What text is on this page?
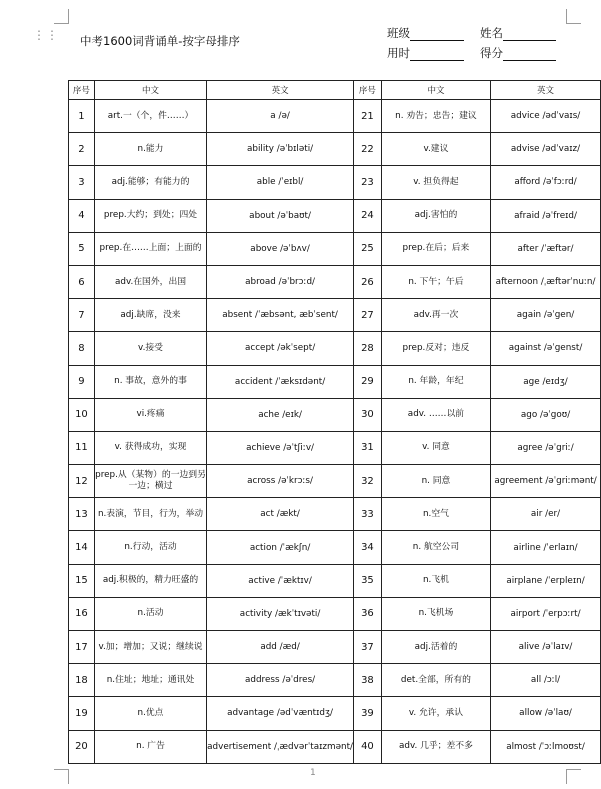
⋮⋮ 中考1600词背诵单-按字母排序
班级	姓名
用时	得分
序号	中文	英文	序号	中文	英文
1	art.一（个，件……）	a /ə/	21	n. 劝告；忠告；建议	advice /ədˈvaɪs/
2	n.能力	ability /əˈbɪləti/	22	v.建议	advise /ədˈvaɪz/
3	adj.能够；有能力的	able /ˈeɪbl/	23	v. 担负得起	afford /əˈfɔːrd/
4	prep.大约；到处；四处	about /əˈbaʊt/	24	adj.害怕的	afraid /əˈfreɪd/
5	prep.在……上面；上面的	above /əˈbʌv/	25	prep.在后；后来	after /ˈæftər/
6	adv.在国外，出国	abroad /əˈbrɔːd/	26	n. 下午；午后	afternoon /ˌæftərˈnuːn/
7	adj.缺席，没来	absent /ˈæbsənt, æbˈsent/	27	adv.再一次	again /əˈgen/
8	v.接受	accept /əkˈsept/	28	prep.反对；违反	against /əˈgenst/
9	n. 事故，意外的事	accident /ˈæksɪdənt/	29	n. 年龄，年纪	age /eɪdʒ/
10	vi.疼痛	ache /eɪk/	30	adv. ……以前	ago /əˈgoʊ/
11	v. 获得成功，实现	achieve /əˈtʃiːv/	31	v. 同意	agree /əˈgriː/
12	prep.从（某物）的一边到另一边；横过	across /əˈkrɔːs/	32	n. 同意	agreement /əˈgriːmənt/
13	n.表演，节目，行为，举动	act /ækt/	33	n.空气	air /er/
14	n.行动，活动	action /ˈækʃn/	34	n. 航空公司	airline /ˈerlaɪn/
15	adj.积极的，精力旺盛的	active /ˈæktɪv/	35	n.飞机	airplane /ˈerpleɪn/
16	n.活动	activity /ækˈtɪvəti/	36	n.飞机场	airport /ˈerpɔːrt/
17	v.加；增加；又说；继续说	add /æd/	37	adj.活着的	alive /əˈlaɪv/
18	n.住址；地址；通讯处	address /əˈdres/	38	det.全部，所有的	all /ɔːl/
19	n.优点	advantage /ədˈvæntɪdʒ/	39	v. 允许，承认	allow /əˈlaʊ/
20	n. 广告	advertisement /ˌædvərˈtaɪzmənt/	40	adv. 几乎；差不多	almost /ˈɔːlmoʊst/
1
